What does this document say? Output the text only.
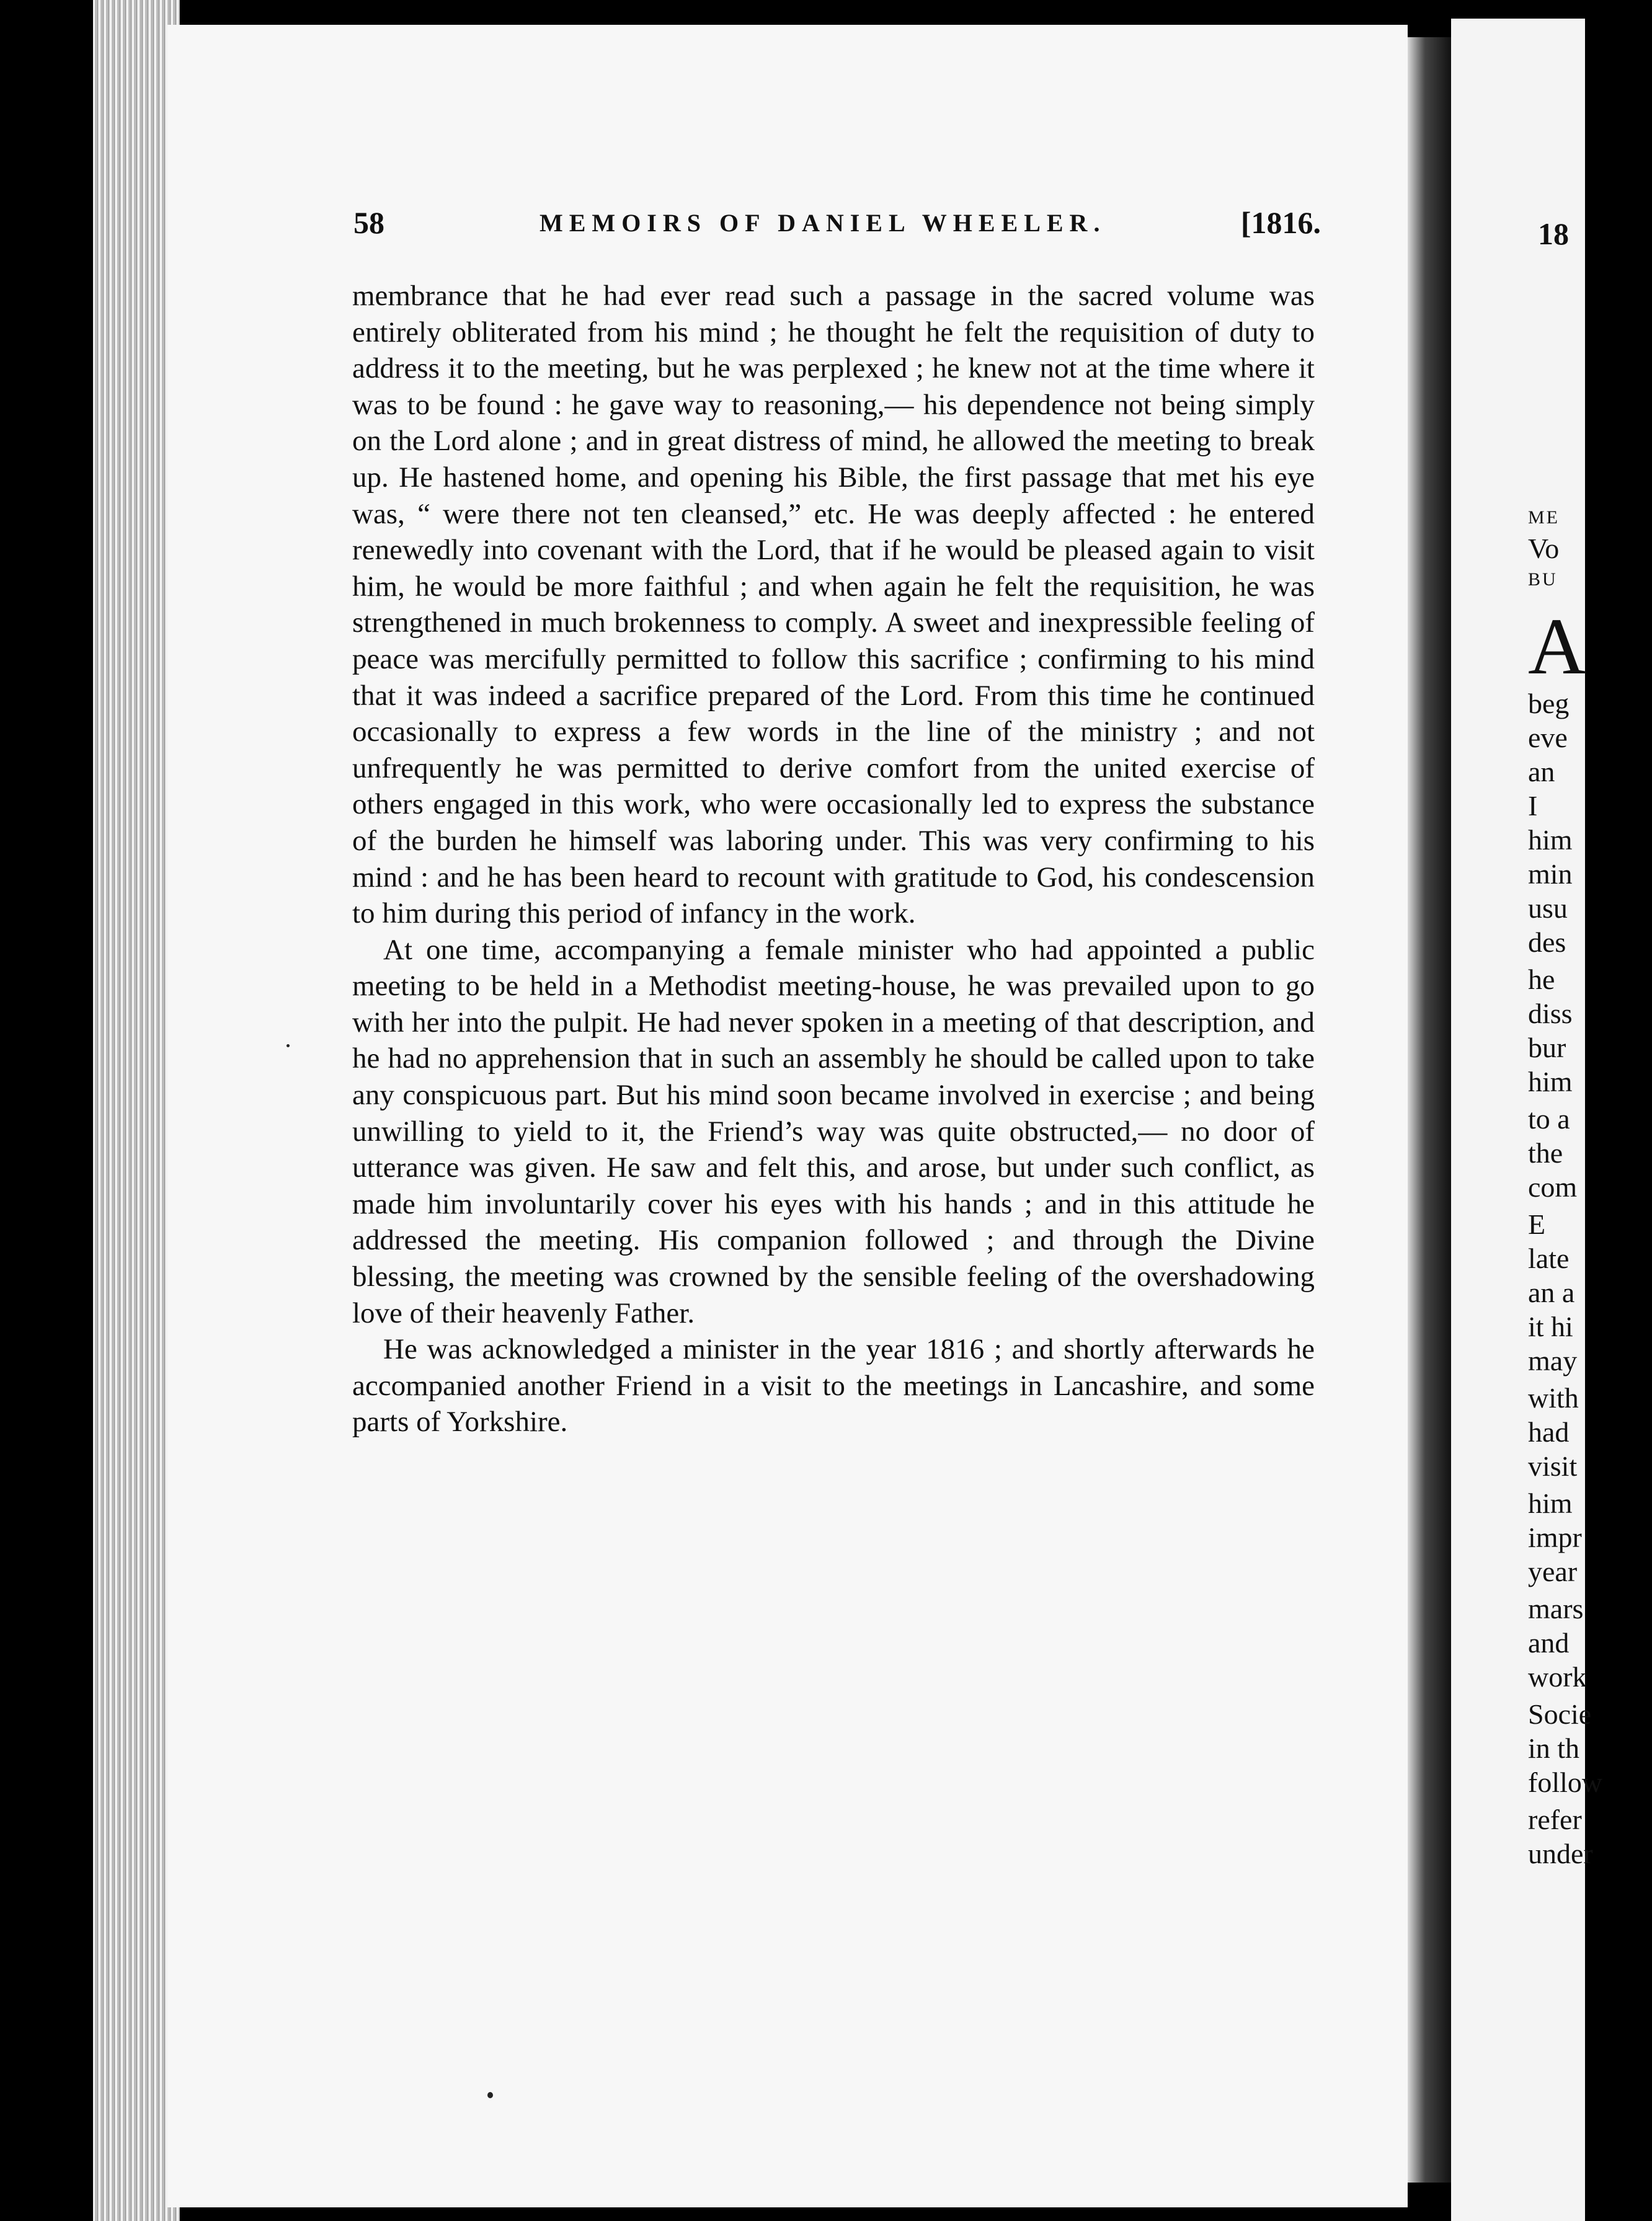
58	MEMOIRS OF DANIEL WHEELER.	[1816.

membrance that he had ever read such a passage in the sacred volume was entirely obliterated from his mind ; he thought he felt the requisition of duty to address it to the meeting, but he was perplexed ; he knew not at the time where it was to be found : he gave way to reasoning,— his dependence not being simply on the Lord alone ; and in great distress of mind, he allowed the meeting to break up. He hastened home, and opening his Bible, the first passage that met his eye was, “ were there not ten cleansed,” etc. He was deeply affected : he entered renewedly into covenant with the Lord, that if he would be pleased again to visit him, he would be more faithful ; and when again he felt the requisition, he was strengthened in much brokenness to comply. A sweet and inexpressible feeling of peace was mercifully permitted to follow this sacrifice ; confirming to his mind that it was indeed a sacrifice prepared of the Lord. From this time he continued occasionally to express a few words in the line of the ministry ; and not unfrequently he was permitted to derive comfort from the united exercise of others engaged in this work, who were occasionally led to express the substance of the burden he himself was laboring under. This was very confirming to his mind : and he has been heard to recount with gratitude to God, his condescension to him during this period of infancy in the work.

At one time, accompanying a female minister who had appointed a public meeting to be held in a Methodist meeting-house, he was prevailed upon to go with her into the pulpit. He had never spoken in a meeting of that description, and he had no apprehension that in such an assembly he should be called upon to take any conspicuous part. But his mind soon became involved in exercise ; and being unwilling to yield to it, the Friend’s way was quite obstructed,— no door of utterance was given. He saw and felt this, and arose, but under such conflict, as made him involuntarily cover his eyes with his hands ; and in this attitude he addressed the meeting. His companion followed ; and through the Divine blessing, the meeting was crowned by the sensible feeling of the overshadowing love of their heavenly Father.

He was acknowledged a minister in the year 1816 ; and shortly afterwards he accompanied another Friend in a visit to the meetings in Lancashire, and some parts of Yorkshire.

18
ME
Vo
BU
A
beg
eve
an
I
him
min
usu
des
he
diss
bur
him
to a
the
com
E
late
an a
it hi
may
with
had
visit
him
impr
year
mars
and
work
Socie
in th
follow
refer
under
